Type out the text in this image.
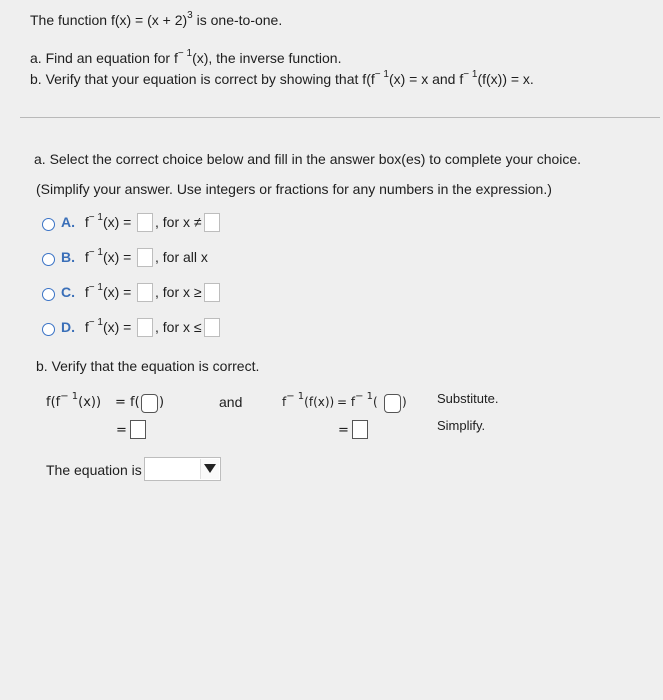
The function $f(x) = (x + 2)^3$ is one-to-one.
a. Find an equation for $f^{- 1}(x)$, the inverse function.
b. Verify that your equation is correct by showing that $f(f^{- 1}(x) = x$ and $f^{- 1}(f(x)) = x$.
a. Select the correct choice below and fill in the answer box(es) to complete your choice.
(Simplify your answer. Use integers or fractions for any numbers in the expression.)
A. $f^{- 1}(x)$ = , for x ≠
B. $f^{- 1}(x)$ = , for all x
C. $f^{- 1}(x)$ = , for x ≥
D. $f^{- 1}(x)$ = , for x ≤
b. Verify that the equation is correct.
$f(f^{- 1}(x)) = f$( )
=
and	$f^{- 1}(f(x)) = f^{- 1}$( )
=
Substitute.
Simplify.
The equation is
